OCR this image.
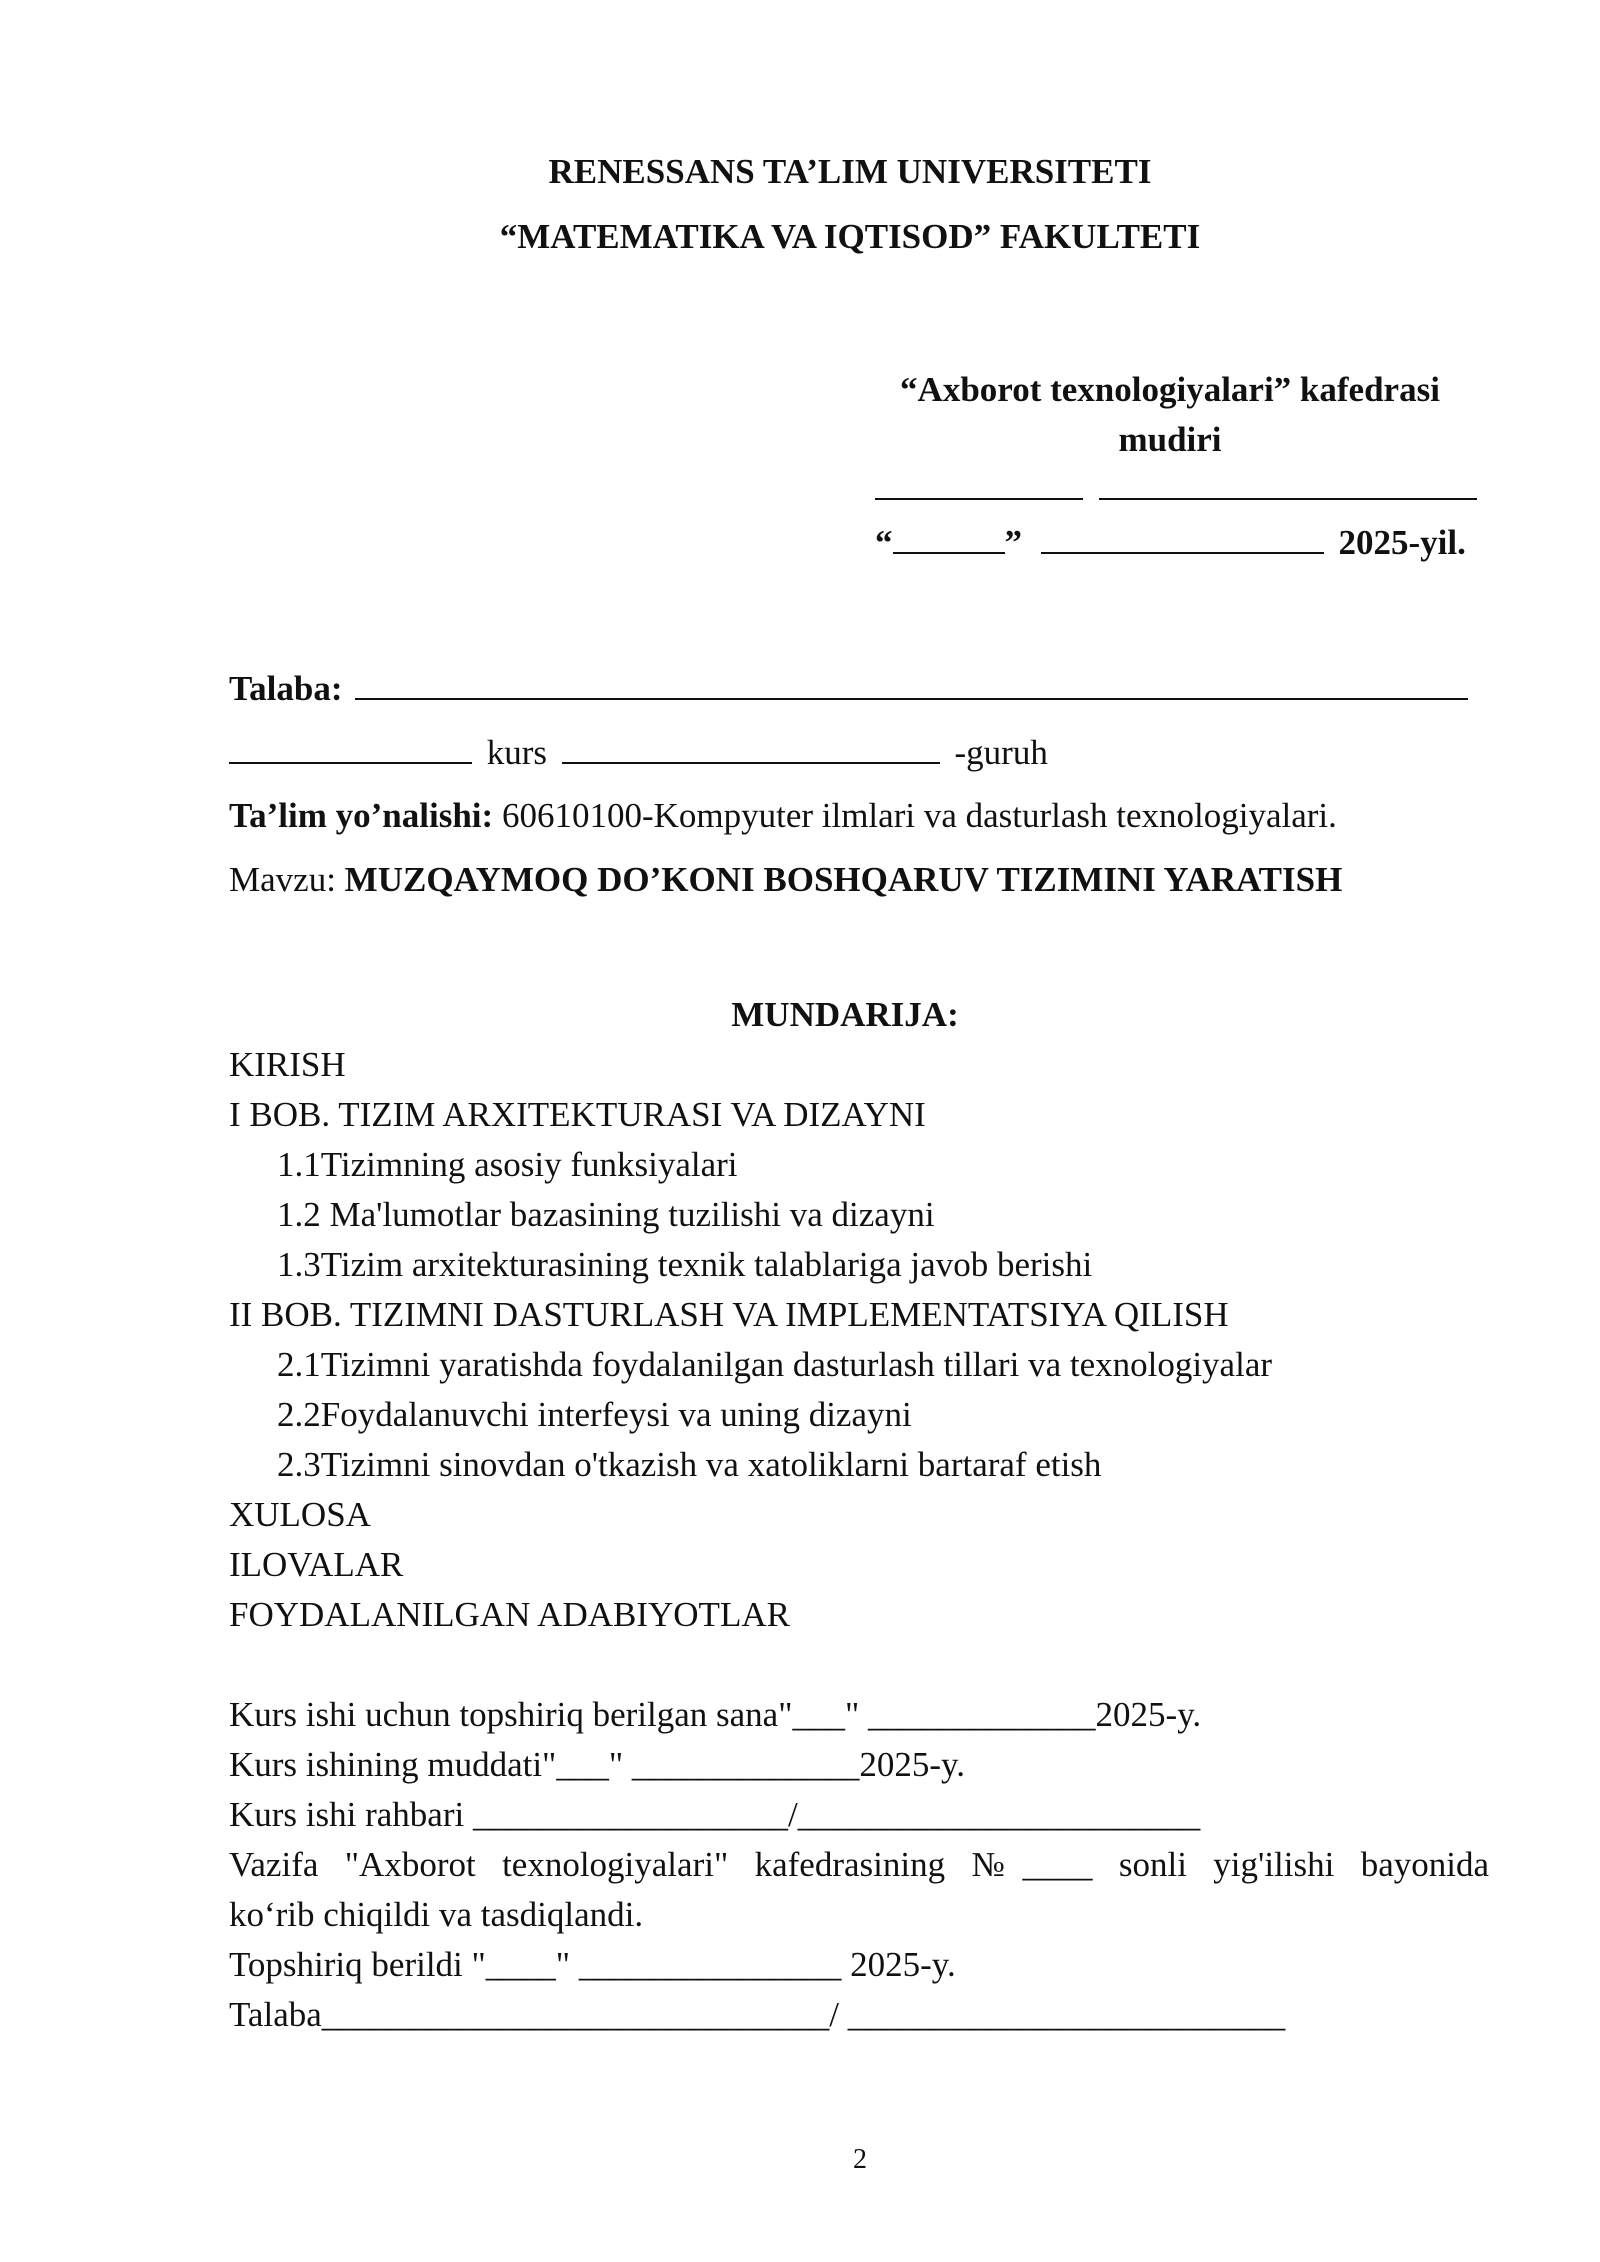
RENESSANS TA’LIM UNIVERSITETI
“MATEMATIKA VA IQTISOD” FAKULTETI
“Axborot texnologiyalari” kafedrasi
mudiri
“	”	2025-yil.
Talaba:
kurs	-guruh
Ta’lim yo’nalishi: 60610100-Kompyuter ilmlari va dasturlash texnologiyalari.
Mavzu: MUZQAYMOQ DO’KONI BOSHQARUV TIZIMINI YARATISH
MUNDARIJA:
KIRISH
I BOB. TIZIM ARXITEKTURASI VA DIZAYNI
1.1Tizimning asosiy funksiyalari
1.2 Ma'lumotlar bazasining tuzilishi va dizayni
1.3Tizim arxitekturasining texnik talablariga javob berishi
II BOB. TIZIMNI DASTURLASH VA IMPLEMENTATSIYA QILISH
2.1Tizimni yaratishda foydalanilgan dasturlash tillari va texnologiyalar
2.2Foydalanuvchi interfeysi va uning dizayni
2.3Tizimni sinovdan o'tkazish va xatoliklarni bartaraf etish
XULOSA
ILOVALAR
FOYDALANILGAN ADABIYOTLAR
Kurs ishi uchun topshiriq berilgan sana"___" _____________2025-y.
Kurs ishining muddati"___" _____________2025-y.
Kurs ishi rahbari __________________/_______________________
Vazifa "Axborot texnologiyalari" kafedrasining №____ sonli yig'ilishi bayonida
ko‘rib chiqildi va tasdiqlandi.
Topshiriq berildi "____" _______________ 2025-y.
Talaba_____________________________/ _________________________
2
